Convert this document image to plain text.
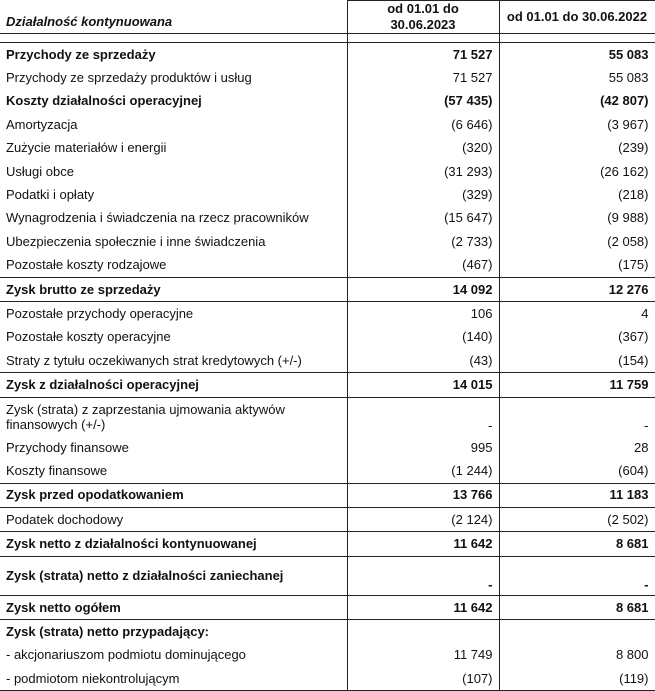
Działalność kontynuowana	od 01.01 do 30.06.2023	od 01.01 do 30.06.2022

Przychody ze sprzedaży	71 527	55 083
Przychody ze sprzedaży produktów i usług	71 527	55 083
Koszty działalności operacyjnej	(57 435)	(42 807)
Amortyzacja	(6 646)	(3 967)
Zużycie materiałów i energii	(320)	(239)
Usługi obce	(31 293)	(26 162)
Podatki i opłaty	(329)	(218)
Wynagrodzenia i świadczenia na rzecz pracowników	(15 647)	(9 988)
Ubezpieczenia społecznie i inne świadczenia	(2 733)	(2 058)
Pozostałe koszty rodzajowe	(467)	(175)
Zysk brutto ze sprzedaży	14 092	12 276
Pozostałe przychody operacyjne	106	4
Pozostałe koszty operacyjne	(140)	(367)
Straty z tytułu oczekiwanych strat kredytowych (+/-)	(43)	(154)
Zysk z działalności operacyjnej	14 015	11 759
Zysk (strata) z zaprzestania ujmowania aktywów finansowych (+/-)	-	-
Przychody finansowe	995	28
Koszty finansowe	(1 244)	(604)
Zysk przed opodatkowaniem	13 766	11 183
Podatek dochodowy	(2 124)	(2 502)
Zysk netto z działalności kontynuowanej	11 642	8 681
Zysk (strata) netto z działalności zaniechanej	-	-
Zysk netto ogółem	11 642	8 681
Zysk (strata) netto przypadający:		
- akcjonariuszom podmiotu dominującego	11 749	8 800
- podmiotom niekontrolującym	(107)	(119)
